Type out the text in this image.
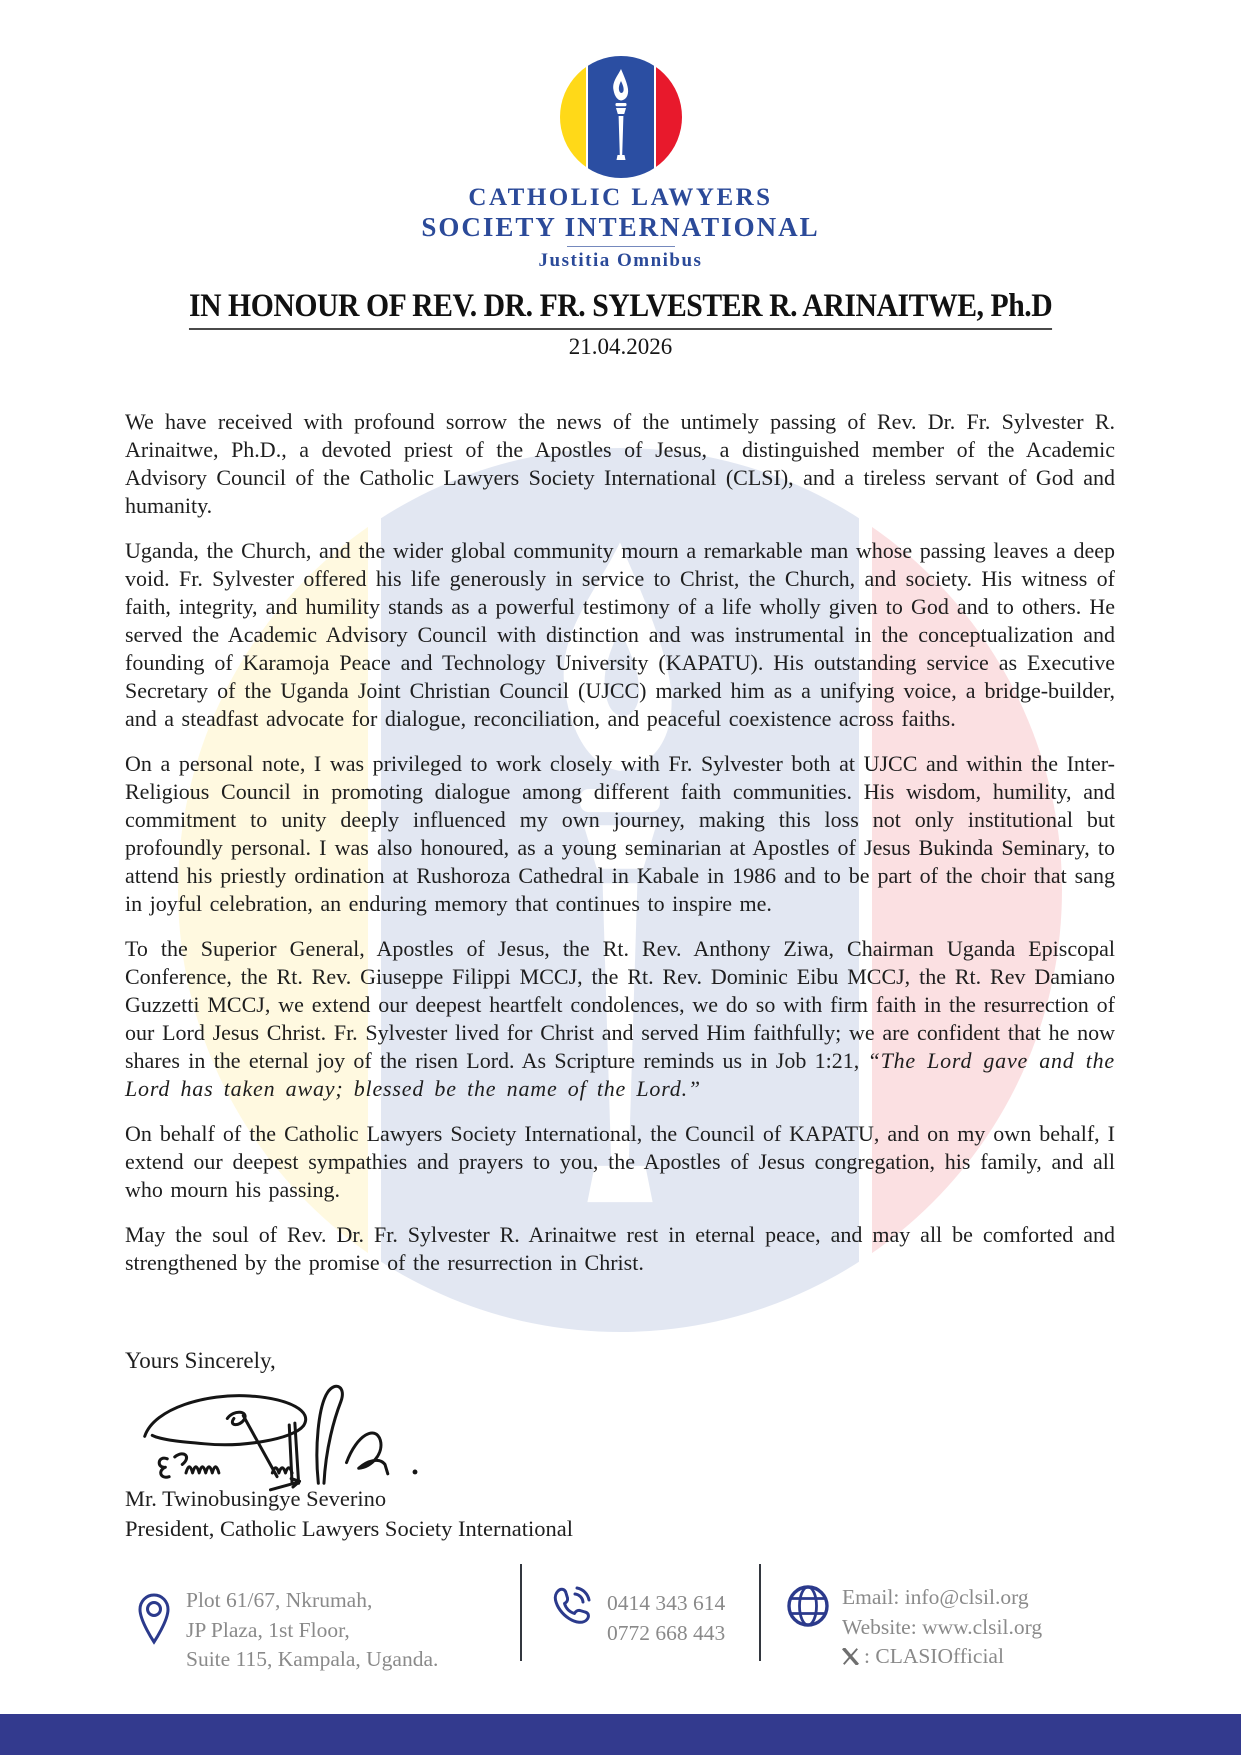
CATHOLIC LAWYERS
SOCIETY INTERNATIONAL
Justitia Omnibus
IN HONOUR OF REV. DR. FR. SYLVESTER R. ARINAITWE, Ph.D
21.04.2026

We have received with profound sorrow the news of the untimely passing of Rev. Dr. Fr. Sylvester R. Arinaitwe, Ph.D., a devoted priest of the Apostles of Jesus, a distinguished member of the Academic Advisory Council of the Catholic Lawyers Society International (CLSI), and a tireless servant of God and humanity.

Uganda, the Church, and the wider global community mourn a remarkable man whose passing leaves a deep void. Fr. Sylvester offered his life generously in service to Christ, the Church, and society. His witness of faith, integrity, and humility stands as a powerful testimony of a life wholly given to God and to others. He served the Academic Advisory Council with distinction and was instrumental in the conceptualization and founding of Karamoja Peace and Technology University (KAPATU). His outstanding service as Executive Secretary of the Uganda Joint Christian Council (UJCC) marked him as a unifying voice, a bridge-builder, and a steadfast advocate for dialogue, reconciliation, and peaceful coexistence across faiths.

On a personal note, I was privileged to work closely with Fr. Sylvester both at UJCC and within the Inter-Religious Council in promoting dialogue among different faith communities. His wisdom, humility, and commitment to unity deeply influenced my own journey, making this loss not only institutional but profoundly personal. I was also honoured, as a young seminarian at Apostles of Jesus Bukinda Seminary, to attend his priestly ordination at Rushoroza Cathedral in Kabale in 1986 and to be part of the choir that sang in joyful celebration, an enduring memory that continues to inspire me.

To the Superior General, Apostles of Jesus, the Rt. Rev. Anthony Ziwa, Chairman Uganda Episcopal Conference, the Rt. Rev. Giuseppe Filippi MCCJ, the Rt. Rev. Dominic Eibu MCCJ, the Rt. Rev Damiano Guzzetti MCCJ, we extend our deepest heartfelt condolences, we do so with firm faith in the resurrection of our Lord Jesus Christ. Fr. Sylvester lived for Christ and served Him faithfully; we are confident that he now shares in the eternal joy of the risen Lord. As Scripture reminds us in Job 1:21, “The Lord gave and the Lord has taken away; blessed be the name of the Lord.”

On behalf of the Catholic Lawyers Society International, the Council of KAPATU, and on my own behalf, I extend our deepest sympathies and prayers to you, the Apostles of Jesus congregation, his family, and all who mourn his passing.

May the soul of Rev. Dr. Fr. Sylvester R. Arinaitwe rest in eternal peace, and may all be comforted and strengthened by the promise of the resurrection in Christ.

Yours Sincerely,
Mr. Twinobusingye Severino
President, Catholic Lawyers Society International
Plot 61/67, Nkrumah,
JP Plaza, 1st Floor,
Suite 115, Kampala, Uganda.
0414 343 614
0772 668 443
Email: info@clsil.org
Website: www.clsil.org
: CLASIOfficial
